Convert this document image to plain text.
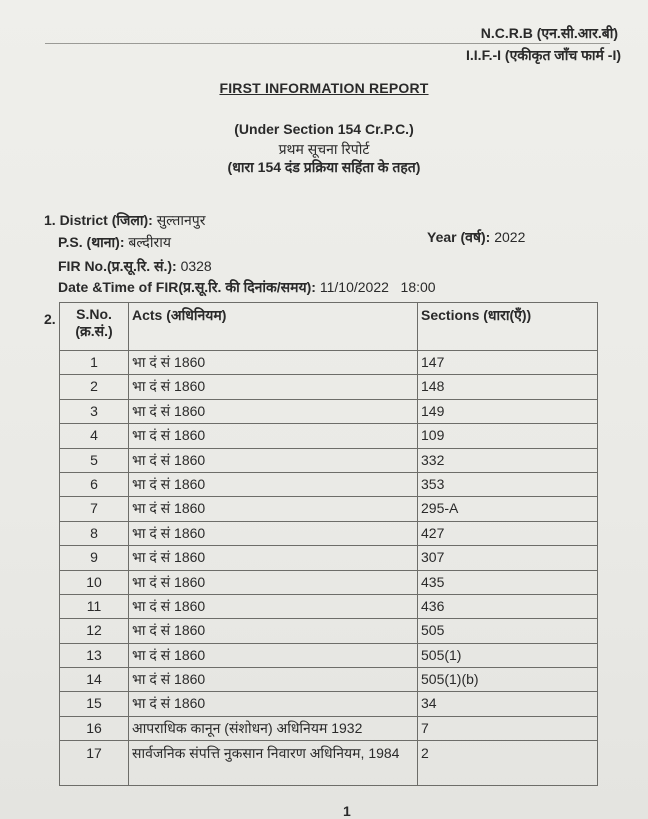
N.C.R.B (एन.सी.आर.बी)
I.I.F.-I (एकीकृत जाँच फार्म -I)
FIRST INFORMATION REPORT
(Under Section 154 Cr.P.C.)
प्रथम सूचना रिपोर्ट
(धारा 154 दंड प्रक्रिया सहिंता के तहत)
1. District (जिला): सुल्तानपुर
P.S. (थाना): बल्दीराय	Year (वर्ष): 2022
FIR No.(प्र.सू.रि. सं.): 0328
Date &Time of FIR(प्र.सू.रि. की दिनांक/समय): 11/10/2022   18:00
2. S.No. (क्र.सं.)	Acts (अधिनियम)	Sections (धारा(एँ))
1	भा दं सं 1860	147
2	भा दं सं 1860	148
3	भा दं सं 1860	149
4	भा दं सं 1860	109
5	भा दं सं 1860	332
6	भा दं सं 1860	353
7	भा दं सं 1860	295-A
8	भा दं सं 1860	427
9	भा दं सं 1860	307
10	भा दं सं 1860	435
11	भा दं सं 1860	436
12	भा दं सं 1860	505
13	भा दं सं 1860	505(1)
14	भा दं सं 1860	505(1)(b)
15	भा दं सं 1860	34
16	आपराधिक कानून (संशोधन) अधिनियम 1932	7
17	सार्वजनिक संपत्ति नुकसान निवारण अधिनियम, 1984	2
1
